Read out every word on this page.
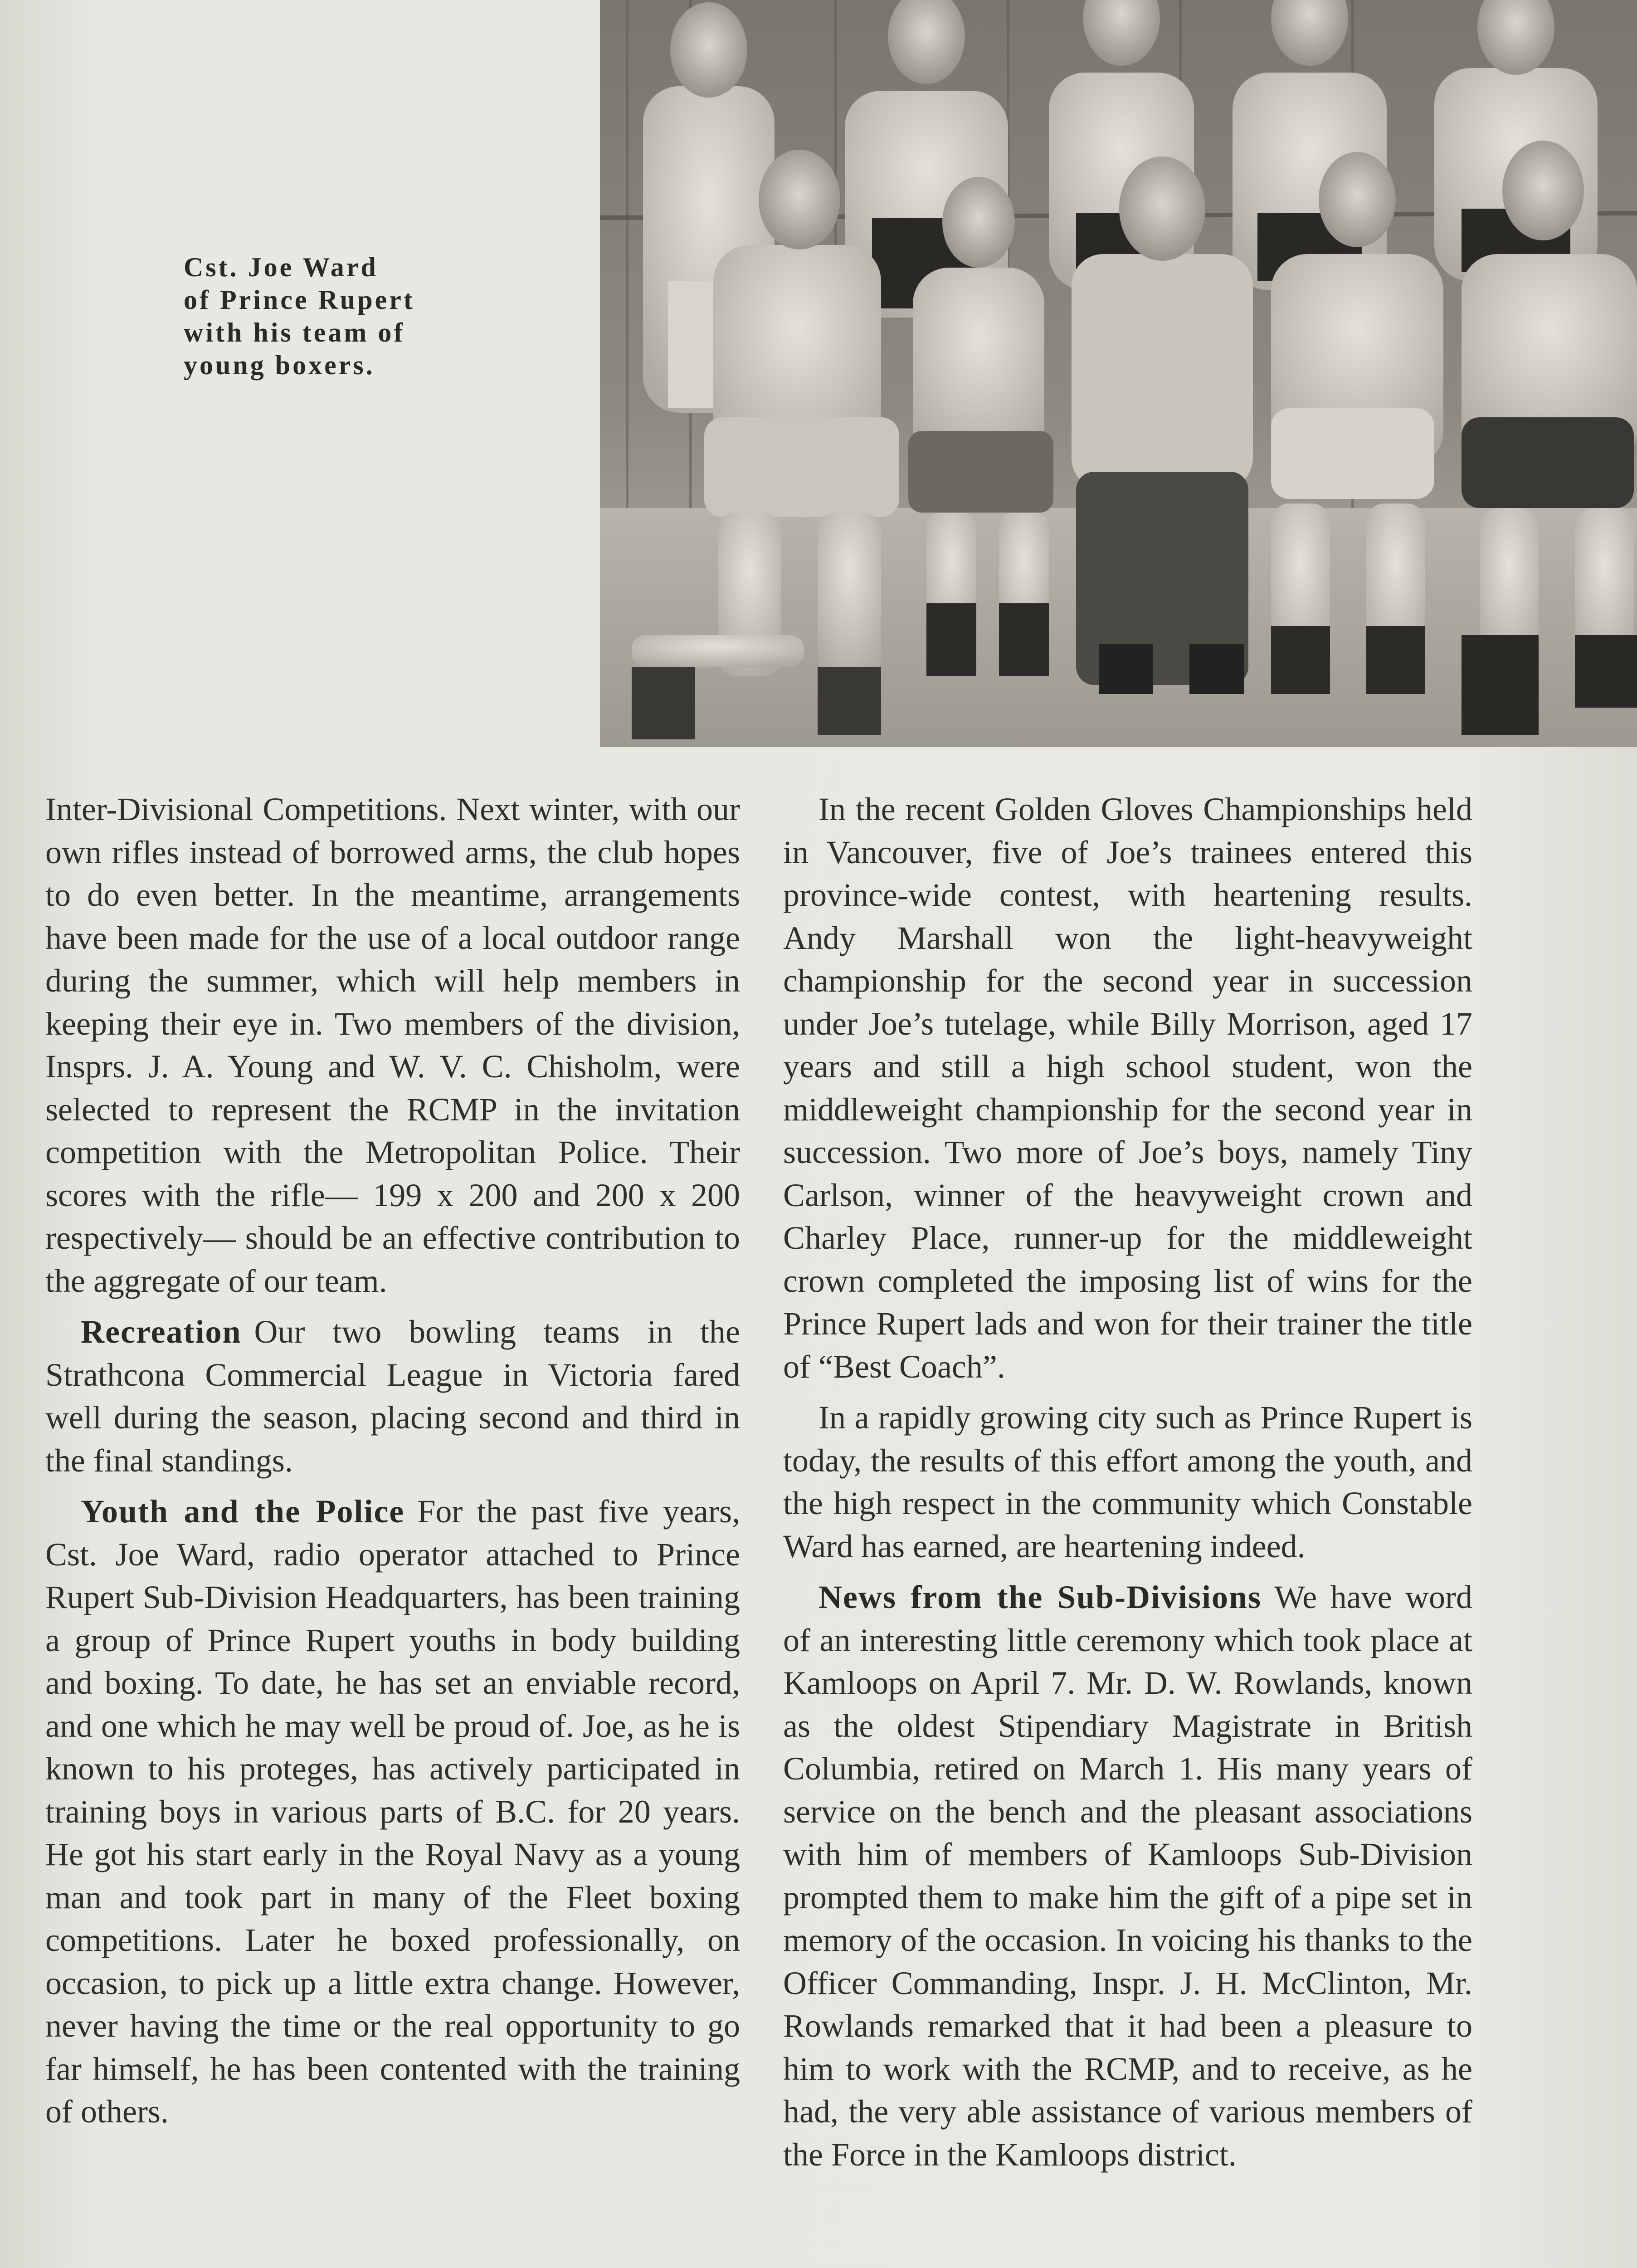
Cst. Joe Ward
of Prince Rupert
with his team of
young boxers.

Inter-Divisional Competitions. Next winter, with our own rifles instead of borrowed arms, the club hopes to do even better. In the meantime, arrangements have been made for the use of a local outdoor range during the summer, which will help members in keeping their eye in. Two members of the division, Insprs. J. A. Young and W. V. C. Chisholm, were selected to represent the RCMP in the invitation competition with the Metropolitan Police. Their scores with the rifle— 199 x 200 and 200 x 200 respectively— should be an effective contribution to the aggregate of our team.

Recreation Our two bowling teams in the Strathcona Commercial League in Victoria fared well during the season, placing second and third in the final standings.

Youth and the Police For the past five years, Cst. Joe Ward, radio operator attached to Prince Rupert Sub-Division Headquarters, has been training a group of Prince Rupert youths in body building and boxing. To date, he has set an enviable record, and one which he may well be proud of. Joe, as he is known to his proteges, has actively participated in training boys in various parts of B.C. for 20 years. He got his start early in the Royal Navy as a young man and took part in many of the Fleet boxing competitions. Later he boxed professionally, on occasion, to pick up a little extra change. However, never having the time or the real opportunity to go far himself, he has been contented with the training of others.

In the recent Golden Gloves Championships held in Vancouver, five of Joe’s trainees entered this province-wide contest, with heartening results. Andy Marshall won the light-heavyweight championship for the second year in succession under Joe’s tutelage, while Billy Morrison, aged 17 years and still a high school student, won the middleweight championship for the second year in succession. Two more of Joe’s boys, namely Tiny Carlson, winner of the heavyweight crown and Charley Place, runner-up for the middleweight crown completed the imposing list of wins for the Prince Rupert lads and won for their trainer the title of “Best Coach”.

In a rapidly growing city such as Prince Rupert is today, the results of this effort among the youth, and the high respect in the community which Constable Ward has earned, are heartening indeed.

News from the Sub-Divisions We have word of an interesting little ceremony which took place at Kamloops on April 7. Mr. D. W. Rowlands, known as the oldest Stipendiary Magistrate in British Columbia, retired on March 1. His many years of service on the bench and the pleasant associations with him of members of Kamloops Sub-Division prompted them to make him the gift of a pipe set in memory of the occasion. In voicing his thanks to the Officer Commanding, Inspr. J. H. McClinton, Mr. Rowlands remarked that it had been a pleasure to him to work with the RCMP, and to receive, as he had, the very able assistance of various members of the Force in the Kamloops district.
